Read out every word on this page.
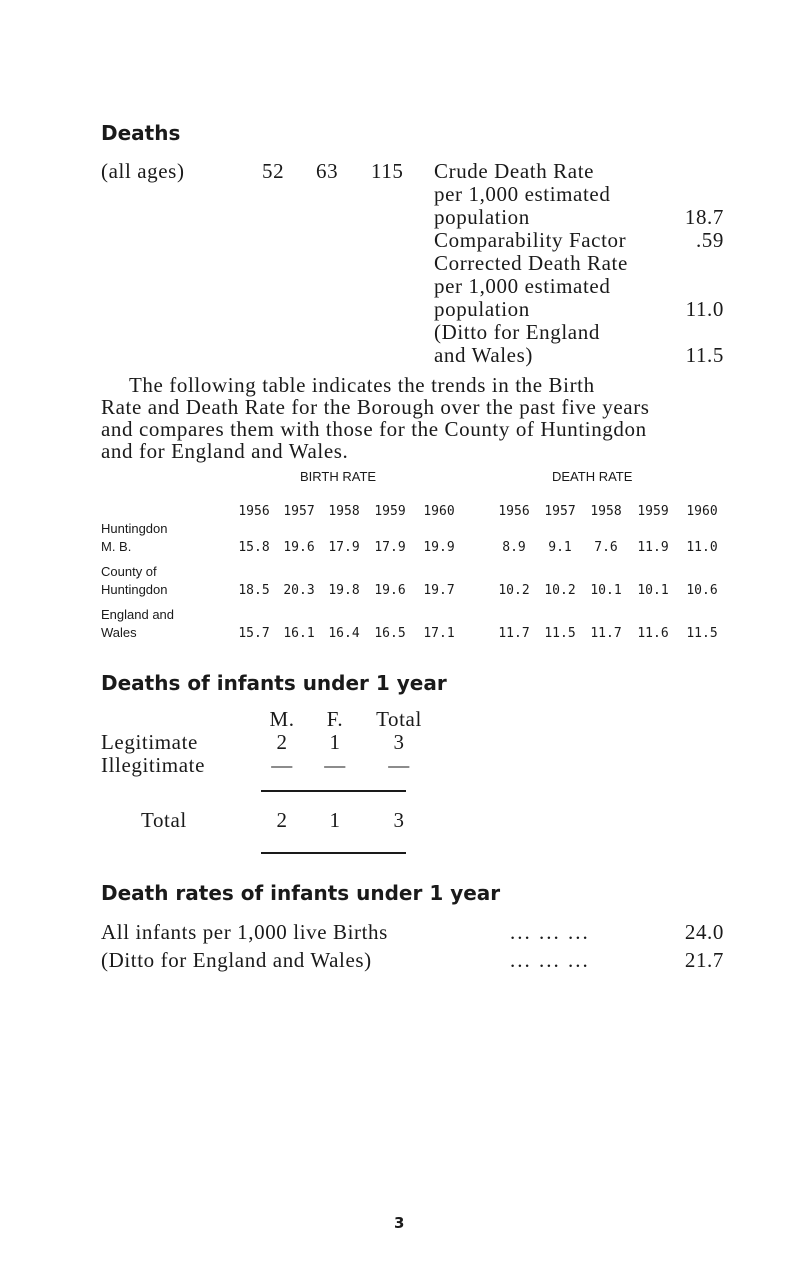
Deaths
(all ages)	52 63 115 Crude Death Rate
per 1,000 estimated
population	18.7
Comparability Factor	.59
Corrected Death Rate
per 1,000 estimated
population	11.0
(Ditto for England
and Wales)	11.5
The following table indicates the trends in the Birth
Rate and Death Rate for the Borough over the past five years
and compares them with those for the County of Huntingdon
and for England and Wales.
BIRTH RATE	DEATH RATE
1956	1957	1958	1959	1960	1956	1957	1958	1959	1960
Huntingdon
M. B.	15.8	19.6	17.9	17.9	19.9	8.9	9.1	7.6	11.9	11.0
County of
Huntingdon	18.5	20.3	19.8	19.6	19.7	10.2	10.2	10.1	10.1	10.6
England and
Wales	15.7	16.1	16.4	16.5	17.1	11.7	11.5	11.7	11.6	11.5
Deaths of infants under 1 year
M.	F.	Total
Legitimate	2	1	3
Illegitimate	—	—	—
Total	2	1	3
Death rates of infants under 1 year
All infants per 1,000 live Births	... ... ...	24.0
(Ditto for England and Wales)	... ... ...	21.7
3
